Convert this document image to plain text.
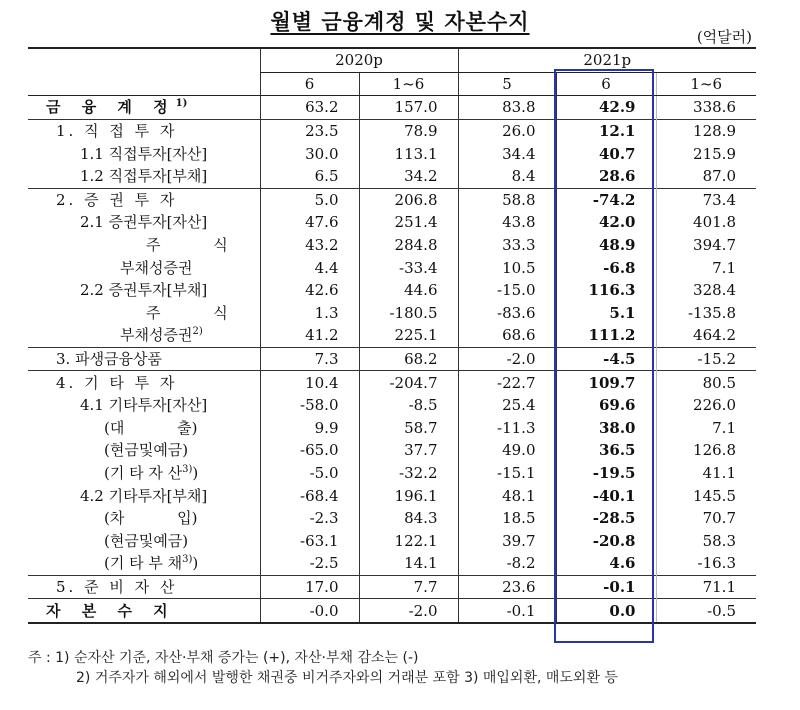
월별 금융계정 및 자본수지
(억달러)
	2020p		2021p		
	6	1~6	5	6	1~6
금 융 계 정$^{1)}$	63.2	157.0	83.8	42.9	338.6
1. 직 접 투 자	23.5	78.9	26.0	12.1	128.9
1.1 직접투자[자산]	30.0	113.1	34.4	40.7	215.9
1.2 직접투자[부채]	6.5	34.2	8.4	28.6	87.0
2. 증 권 투 자	5.0	206.8	58.8	-74.2	73.4
2.1 증권투자[자산]	47.6	251.4	43.8	42.0	401.8
주 식	43.2	284.8	33.3	48.9	394.7
부채성증권	4.4	-33.4	10.5	-6.8	7.1
2.2 증권투자[부채]	42.6	44.6	-15.0	116.3	328.4
주 식	1.3	-180.5	-83.6	5.1	-135.8
부채성증권$^{2)}$	41.2	225.1	68.6	111.2	464.2
3. 파생금융상품	7.3	68.2	-2.0	-4.5	-15.2
4. 기 타 투 자	10.4	-204.7	-22.7	109.7	80.5
4.1 기타투자[자산]	-58.0	-8.5	25.4	69.6	226.0
(대 출)	9.9	58.7	-11.3	38.0	7.1
(현금및예금)	-65.0	37.7	49.0	36.5	126.8
(기 타 자 산$^{3)}$)	-5.0	-32.2	-15.1	-19.5	41.1
4.2 기타투자[부채]	-68.4	196.1	48.1	-40.1	145.5
(차 입)	-2.3	84.3	18.5	-28.5	70.7
(현금및예금)	-63.1	122.1	39.7	-20.8	58.3
(기 타 부 채$^{3)}$)	-2.5	14.1	-8.2	4.6	-16.3
5. 준 비 자 산	17.0	7.7	23.6	-0.1	71.1
자 본 수 지	-0.0	-2.0	-0.1	0.0	-0.5
주 : 1) 순자산 기준, 자산·부채 증가는 (+), 자산·부채 감소는 (-)
2) 거주자가 해외에서 발행한 채권중 비거주자와의 거래분 포함 3) 매입외환, 매도외환 등
